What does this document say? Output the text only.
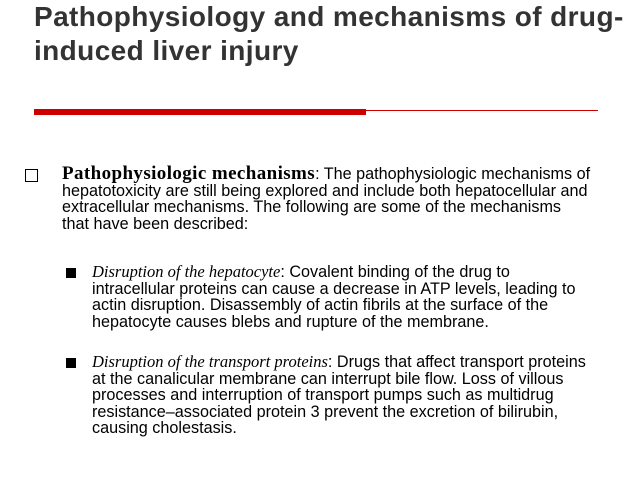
Pathophysiology and mechanisms of drug-induced liver injury
Pathophysiologic mechanisms: The pathophysiologic mechanisms of hepatotoxicity are still being explored and include both hepatocellular and extracellular mechanisms. The following are some of the mechanisms that have been described:
Disruption of the hepatocyte: Covalent binding of the drug to intracellular proteins can cause a decrease in ATP levels, leading to actin disruption. Disassembly of actin fibrils at the surface of the hepatocyte causes blebs and rupture of the membrane.
Disruption of the transport proteins: Drugs that affect transport proteins at the canalicular membrane can interrupt bile flow. Loss of villous processes and interruption of transport pumps such as multidrug resistance–associated protein 3 prevent the excretion of bilirubin, causing cholestasis.
